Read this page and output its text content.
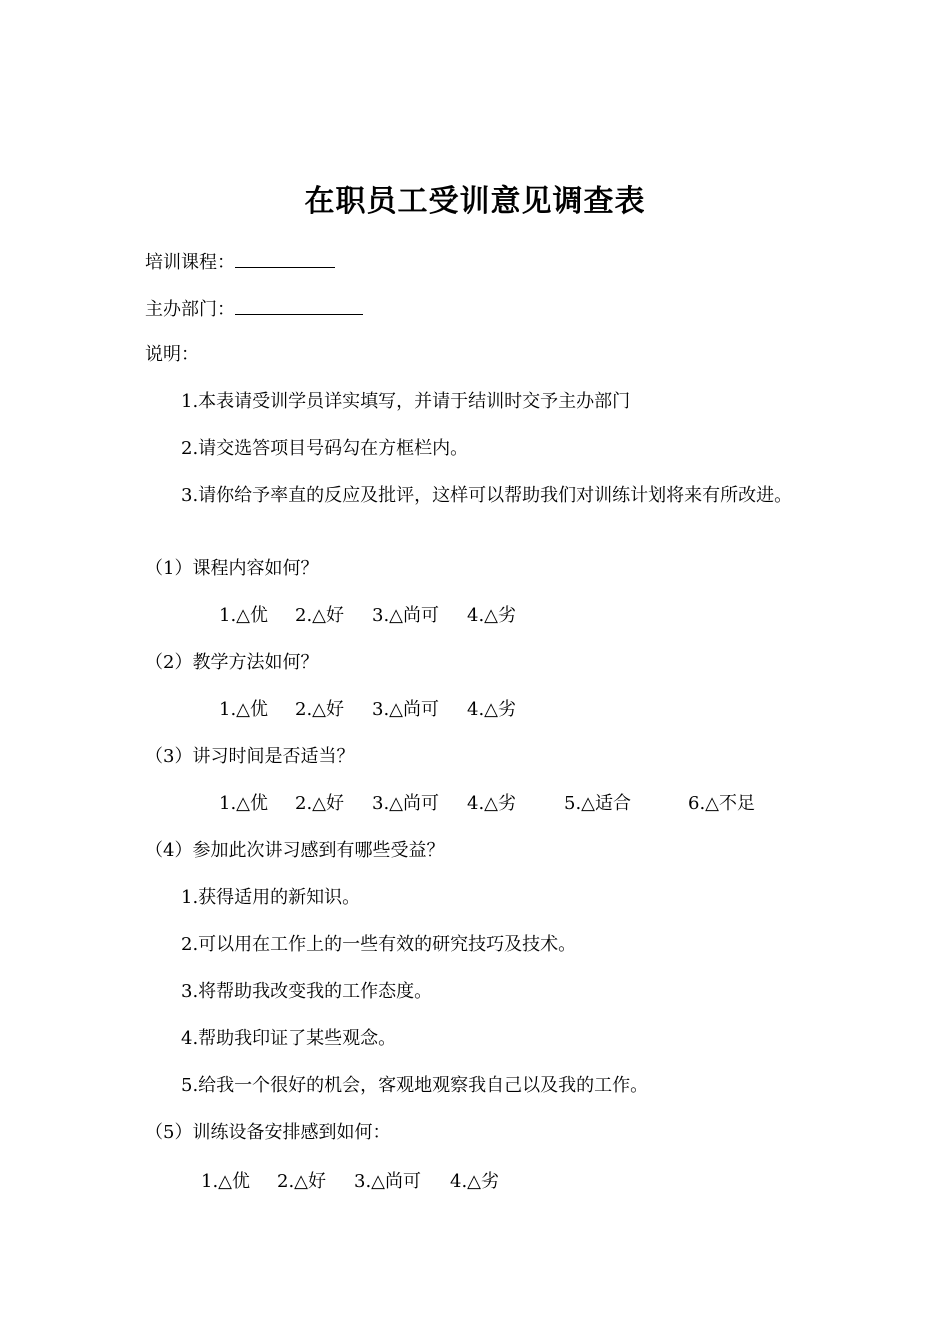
在职员工受训意见调查表
培训课程：
主办部门：
说明：
1.本表请受训学员详实填写，并请于结训时交予主办部门
2.请交选答项目号码勾在方框栏内。
3.请你给予率直的反应及批评，这样可以帮助我们对训练计划将来有所改进。
（1）课程内容如何？
1.△优 2.△好 3.△尚可 4.△劣
（2）教学方法如何？
1.△优 2.△好 3.△尚可 4.△劣
（3）讲习时间是否适当？
1.△优 2.△好 3.△尚可 4.△劣	5.△适合	6.△不足
（4）参加此次讲习感到有哪些受益？
1.获得适用的新知识。
2.可以用在工作上的一些有效的研究技巧及技术。
3.将帮助我改变我的工作态度。
4.帮助我印证了某些观念。
5.给我一个很好的机会，客观地观察我自己以及我的工作。
（5）训练设备安排感到如何：
1.△优 2.△好 3.△尚可 4.△劣
